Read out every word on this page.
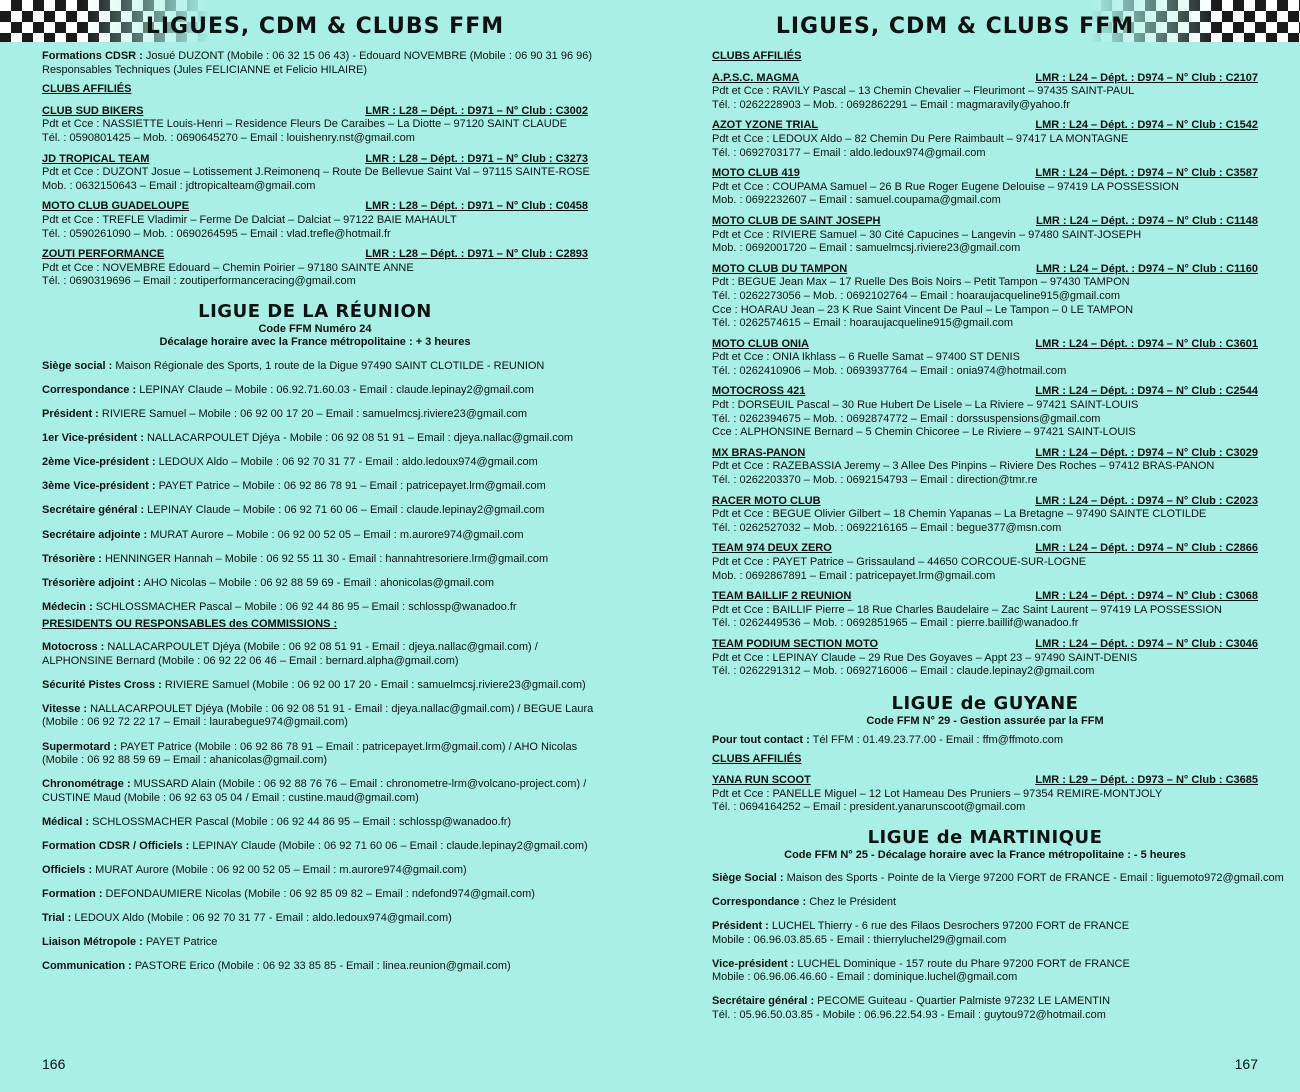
LIGUES, CDM & CLUBS FFM
Formations CDSR : Josué DUZONT (Mobile : 06 32 15 06 43) - Edouard NOVEMBRE (Mobile : 06 90 31 96 96)
Responsables Techniques (Jules FELICIANNE et Felicio HILAIRE)
CLUBS AFFILIÉS
CLUB SUD BIKERS	LMR : L28 – Dépt. : D971 – N° Club : C3002
Pdt et Cce : NASSIETTE Louis-Henri – Residence Fleurs De Caraibes – La Diotte – 97120 SAINT CLAUDE
Tél. : 0590801425 – Mob. : 0690645270 – Email : louishenry.nst@gmail.com
JD TROPICAL TEAM	LMR : L28 – Dépt. : D971 – N° Club : C3273
Pdt et Cce : DUZONT Josue – Lotissement J.Reimonenq – Route De Bellevue Saint Val – 97115 SAINTE-ROSE
Mob. : 0632150643 – Email : jdtropicalteam@gmail.com
MOTO CLUB GUADELOUPE	LMR : L28 – Dépt. : D971 – N° Club : C0458
Pdt et Cce : TREFLE Vladimir – Ferme De Dalciat – Dalciat – 97122 BAIE MAHAULT
Tél. : 0590261090 – Mob. : 0690264595 – Email : vlad.trefle@hotmail.fr
ZOUTI PERFORMANCE	LMR : L28 – Dépt. : D971 – N° Club : C2893
Pdt et Cce : NOVEMBRE Edouard – Chemin Poirier – 97180 SAINTE ANNE
Tél. : 0690319696 – Email : zoutiperformanceracing@gmail.com
LIGUE DE LA RÉUNION
Code FFM Numéro 24
Décalage horaire avec la France métropolitaine : + 3 heures
Siège social : Maison Régionale des Sports, 1 route de la Digue 97490 SAINT CLOTILDE - REUNION
Correspondance : LEPINAY Claude – Mobile : 06.92.71.60.03 - Email : claude.lepinay2@gmail.com
Président : RIVIERE Samuel – Mobile : 06 92 00 17 20 – Email : samuelmcsj.riviere23@gmail.com
1er Vice-président : NALLACARPOULET Djéya - Mobile : 06 92 08 51 91 – Email : djeya.nallac@gmail.com
2ème Vice-président : LEDOUX Aldo – Mobile : 06 92 70 31 77 - Email : aldo.ledoux974@gmail.com
3ème Vice-président : PAYET Patrice – Mobile : 06 92 86 78 91 – Email : patricepayet.lrm@gmail.com
Secrétaire général : LEPINAY Claude – Mobile : 06 92 71 60 06 – Email : claude.lepinay2@gmail.com
Secrétaire adjointe : MURAT Aurore – Mobile : 06 92 00 52 05 – Email : m.aurore974@gmail.com
Trésorière : HENNINGER Hannah – Mobile : 06 92 55 11 30 - Email : hannahtresoriere.lrm@gmail.com
Trésorière adjoint : AHO Nicolas – Mobile : 06 92 88 59 69 - Email : ahonicolas@gmail.com
Médecin : SCHLOSSMACHER Pascal – Mobile : 06 92 44 86 95 – Email : schlossp@wanadoo.fr
PRESIDENTS OU RESPONSABLES des COMMISSIONS :
Motocross : NALLACARPOULET Djéya (Mobile : 06 92 08 51 91 - Email : djeya.nallac@gmail.com) /
ALPHONSINE Bernard (Mobile : 06 92 22 06 46 – Email : bernard.alpha@gmail.com)
Sécurité Pistes Cross : RIVIERE Samuel (Mobile : 06 92 00 17 20 - Email : samuelmcsj.riviere23@gmail.com)
Vitesse : NALLACARPOULET Djéya (Mobile : 06 92 08 51 91 - Email : djeya.nallac@gmail.com) / BEGUE Laura
(Mobile : 06 92 72 22 17 – Email : laurabegue974@gmail.com)
Supermotard : PAYET Patrice (Mobile : 06 92 86 78 91 – Email : patricepayet.lrm@gmail.com) / AHO Nicolas
(Mobile : 06 92 88 59 69 – Email : ahanicolas@gmail.com)
Chronométrage : MUSSARD Alain (Mobile : 06 92 88 76 76 – Email : chronometre-lrm@volcano-project.com) /
CUSTINE Maud (Mobile : 06 92 63 05 04 / Email : custine.maud@gmail.com)
Médical : SCHLOSSMACHER Pascal (Mobile : 06 92 44 86 95 – Email : schlossp@wanadoo.fr)
Formation CDSR / Officiels : LEPINAY Claude (Mobile : 06 92 71 60 06 – Email : claude.lepinay2@gmail.com)
Officiels : MURAT Aurore (Mobile : 06 92 00 52 05 – Email : m.aurore974@gmail.com)
Formation : DEFONDAUMIERE Nicolas (Mobile : 06 92 85 09 82 – Email : ndefond974@gmail.com)
Trial : LEDOUX Aldo (Mobile : 06 92 70 31 77 - Email : aldo.ledoux974@gmail.com)
Liaison Métropole : PAYET Patrice
Communication : PASTORE Erico (Mobile : 06 92 33 85 85 - Email : linea.reunion@gmail.com)
166
LIGUES, CDM & CLUBS FFM
CLUBS AFFILIÉS
A.P.S.C. MAGMA	LMR : L24 – Dépt. : D974 – N° Club : C2107
Pdt et Cce : RAVILY Pascal – 13 Chemin Chevalier – Fleurimont – 97435 SAINT-PAUL
Tél. : 0262228903 – Mob. : 0692862291 – Email : magmaravily@yahoo.fr
AZOT YZONE TRIAL	LMR : L24 – Dépt. : D974 – N° Club : C1542
Pdt et Cce : LEDOUX Aldo – 82 Chemin Du Pere Raimbault – 97417 LA MONTAGNE
Tél. : 0692703177 – Email : aldo.ledoux974@gmail.com
MOTO CLUB 419	LMR : L24 – Dépt. : D974 – N° Club : C3587
Pdt et Cce : COUPAMA Samuel – 26 B Rue Roger Eugene Delouise – 97419 LA POSSESSION
Mob. : 0692232607 – Email : samuel.coupama@gmail.com
MOTO CLUB DE SAINT JOSEPH	LMR : L24 – Dépt. : D974 – N° Club : C1148
Pdt et Cce : RIVIERE Samuel – 30 Cité Capucines – Langevin – 97480 SAINT-JOSEPH
Mob. : 0692001720 – Email : samuelmcsj.riviere23@gmail.com
MOTO CLUB DU TAMPON	LMR : L24 – Dépt. : D974 – N° Club : C1160
Pdt : BEGUE Jean Max – 17 Ruelle Des Bois Noirs – Petit Tampon – 97430 TAMPON
Tél. : 0262273056 – Mob. : 0692102764 – Email : hoaraujacqueline915@gmail.com
Cce : HOARAU Jean – 23 K Rue Saint Vincent De Paul – Le Tampon – 0 LE TAMPON
Tél. : 0262574615 – Email : hoaraujacqueline915@gmail.com
MOTO CLUB ONIA	LMR : L24 – Dépt. : D974 – N° Club : C3601
Pdt et Cce : ONIA Ikhlass – 6 Ruelle Samat – 97400 ST DENIS
Tél. : 0262410906 – Mob. : 0693937764 – Email : onia974@hotmail.com
MOTOCROSS 421	LMR : L24 – Dépt. : D974 – N° Club : C2544
Pdt : DORSEUIL Pascal – 30 Rue Hubert De Lisele – La Riviere – 97421 SAINT-LOUIS
Tél. : 0262394675 – Mob. : 0692874772 – Email : dorssuspensions@gmail.com
Cce : ALPHONSINE Bernard – 5 Chemin Chicoree – Le Riviere – 97421 SAINT-LOUIS
MX BRAS-PANON	LMR : L24 – Dépt. : D974 – N° Club : C3029
Pdt et Cce : RAZEBASSIA Jeremy – 3 Allee Des Pinpins – Riviere Des Roches – 97412 BRAS-PANON
Tél. : 0262203370 – Mob. : 0692154793 – Email : direction@tmr.re
RACER MOTO CLUB	LMR : L24 – Dépt. : D974 – N° Club : C2023
Pdt et Cce : BEGUE Olivier Gilbert – 18 Chemin Yapanas – La Bretagne – 97490 SAINTE CLOTILDE
Tél. : 0262527032 – Mob. : 0692216165 – Email : begue377@msn.com
TEAM 974 DEUX ZERO	LMR : L24 – Dépt. : D974 – N° Club : C2866
Pdt et Cce : PAYET Patrice – Grissauland – 44650 CORCOUE-SUR-LOGNE
Mob. : 0692867891 – Email : patricepayet.lrm@gmail.com
TEAM BAILLIF 2 REUNION	LMR : L24 – Dépt. : D974 – N° Club : C3068
Pdt et Cce : BAILLIF Pierre – 18 Rue Charles Baudelaire – Zac Saint Laurent – 97419 LA POSSESSION
Tél. : 0262449536 – Mob. : 0692851965 – Email : pierre.baillif@wanadoo.fr
TEAM PODIUM SECTION MOTO	LMR : L24 – Dépt. : D974 – N° Club : C3046
Pdt et Cce : LEPINAY Claude – 29 Rue Des Goyaves – Appt 23 – 97490 SAINT-DENIS
Tél. : 0262291312 – Mob. : 0692716006 – Email : claude.lepinay2@gmail.com
LIGUE de GUYANE
Code FFM N° 29 - Gestion assurée par la FFM
Pour tout contact : Tél FFM : 01.49.23.77.00 - Email : ffm@ffmoto.com
CLUBS AFFILIÉS
YANA RUN SCOOT	LMR : L29 – Dépt. : D973 – N° Club : C3685
Pdt et Cce : PANELLE Miguel – 12 Lot Hameau Des Pruniers – 97354 REMIRE-MONTJOLY
Tél. : 0694164252 – Email : president.yanarunscoot@gmail.com
LIGUE de MARTINIQUE
Code FFM N° 25 - Décalage horaire avec la France métropolitaine : - 5 heures
Siège Social : Maison des Sports - Pointe de la Vierge 97200 FORT de FRANCE - Email : liguemoto972@gmail.com
Correspondance : Chez le Président
Président : LUCHEL Thierry - 6 rue des Filaos Desrochers 97200 FORT de FRANCE
Mobile : 06.96.03.85.65 - Email : thierryluchel29@gmail.com
Vice-président : LUCHEL Dominique - 157 route du Phare 97200 FORT de FRANCE
Mobile : 06.96.06.46.60 - Email : dominique.luchel@gmail.com
Secrétaire général : PECOME Guiteau - Quartier Palmiste 97232 LE LAMENTIN
Tél. : 05.96.50.03.85 - Mobile : 06.96.22.54.93 - Email : guytou972@hotmail.com
167
